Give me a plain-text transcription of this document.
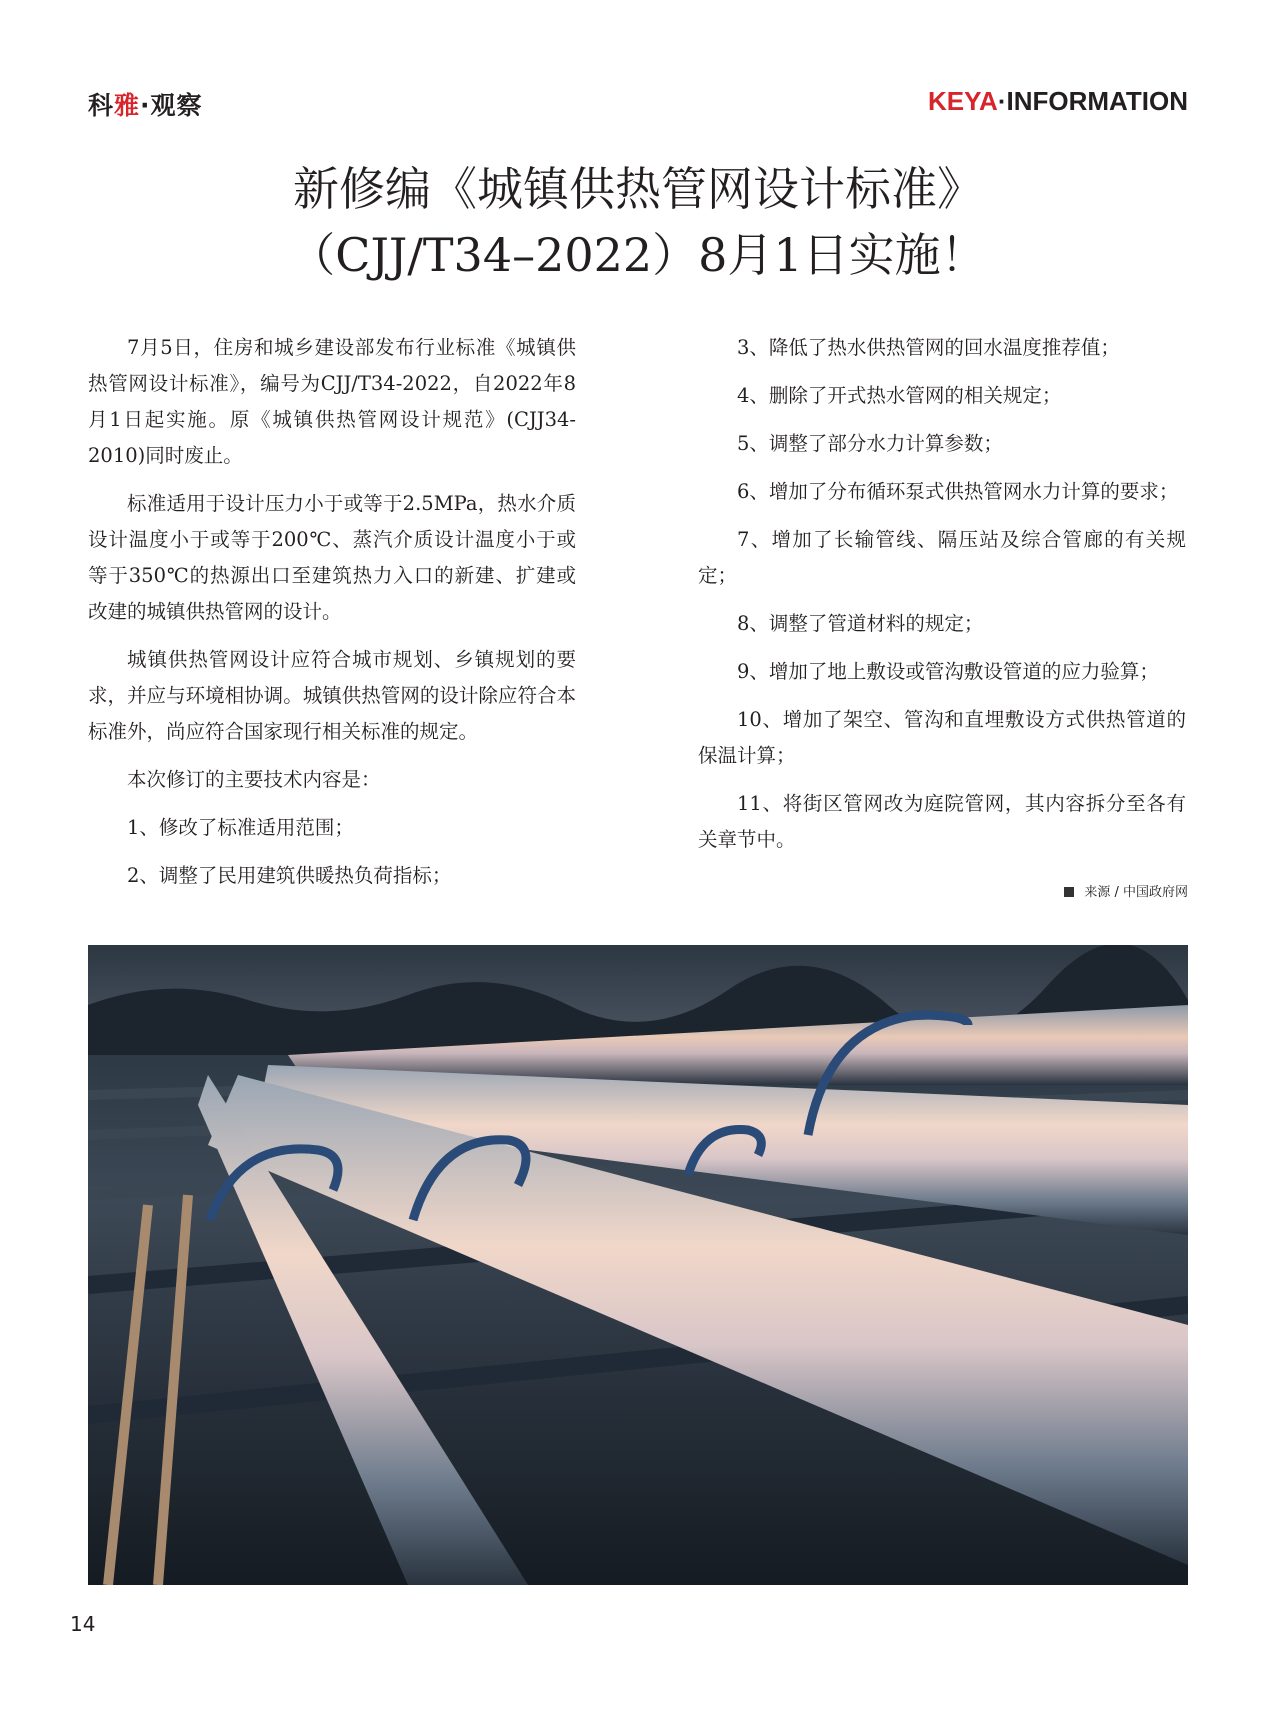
科雅·观察	KEYA·INFORMATION
新修编《城镇供热管网设计标准》
（CJJ/T34–2022）8月1日实施！

7月5日，住房和城乡建设部发布行业标准《城镇供热管网设计标准》，编号为CJJ/T34-2022，自2022年8月1日起实施。原《城镇供热管网设计规范》(CJJ34-2010)同时废止。

标准适用于设计压力小于或等于2.5MPa，热水介质设计温度小于或等于200℃、蒸汽介质设计温度小于或等于350℃的热源出口至建筑热力入口的新建、扩建或改建的城镇供热管网的设计。

城镇供热管网设计应符合城市规划、乡镇规划的要求，并应与环境相协调。城镇供热管网的设计除应符合本标准外，尚应符合国家现行相关标准的规定。

本次修订的主要技术内容是：

1、修改了标准适用范围；

2、调整了民用建筑供暖热负荷指标；

3、降低了热水供热管网的回水温度推荐值；

4、删除了开式热水管网的相关规定；

5、调整了部分水力计算参数；

6、增加了分布循环泵式供热管网水力计算的要求；

7、增加了长输管线、隔压站及综合管廊的有关规定；

8、调整了管道材料的规定；

9、增加了地上敷设或管沟敷设管道的应力验算；

10、增加了架空、管沟和直埋敷设方式供热管道的保温计算；

11、将街区管网改为庭院管网，其内容拆分至各有关章节中。

来源 / 中国政府网
14
